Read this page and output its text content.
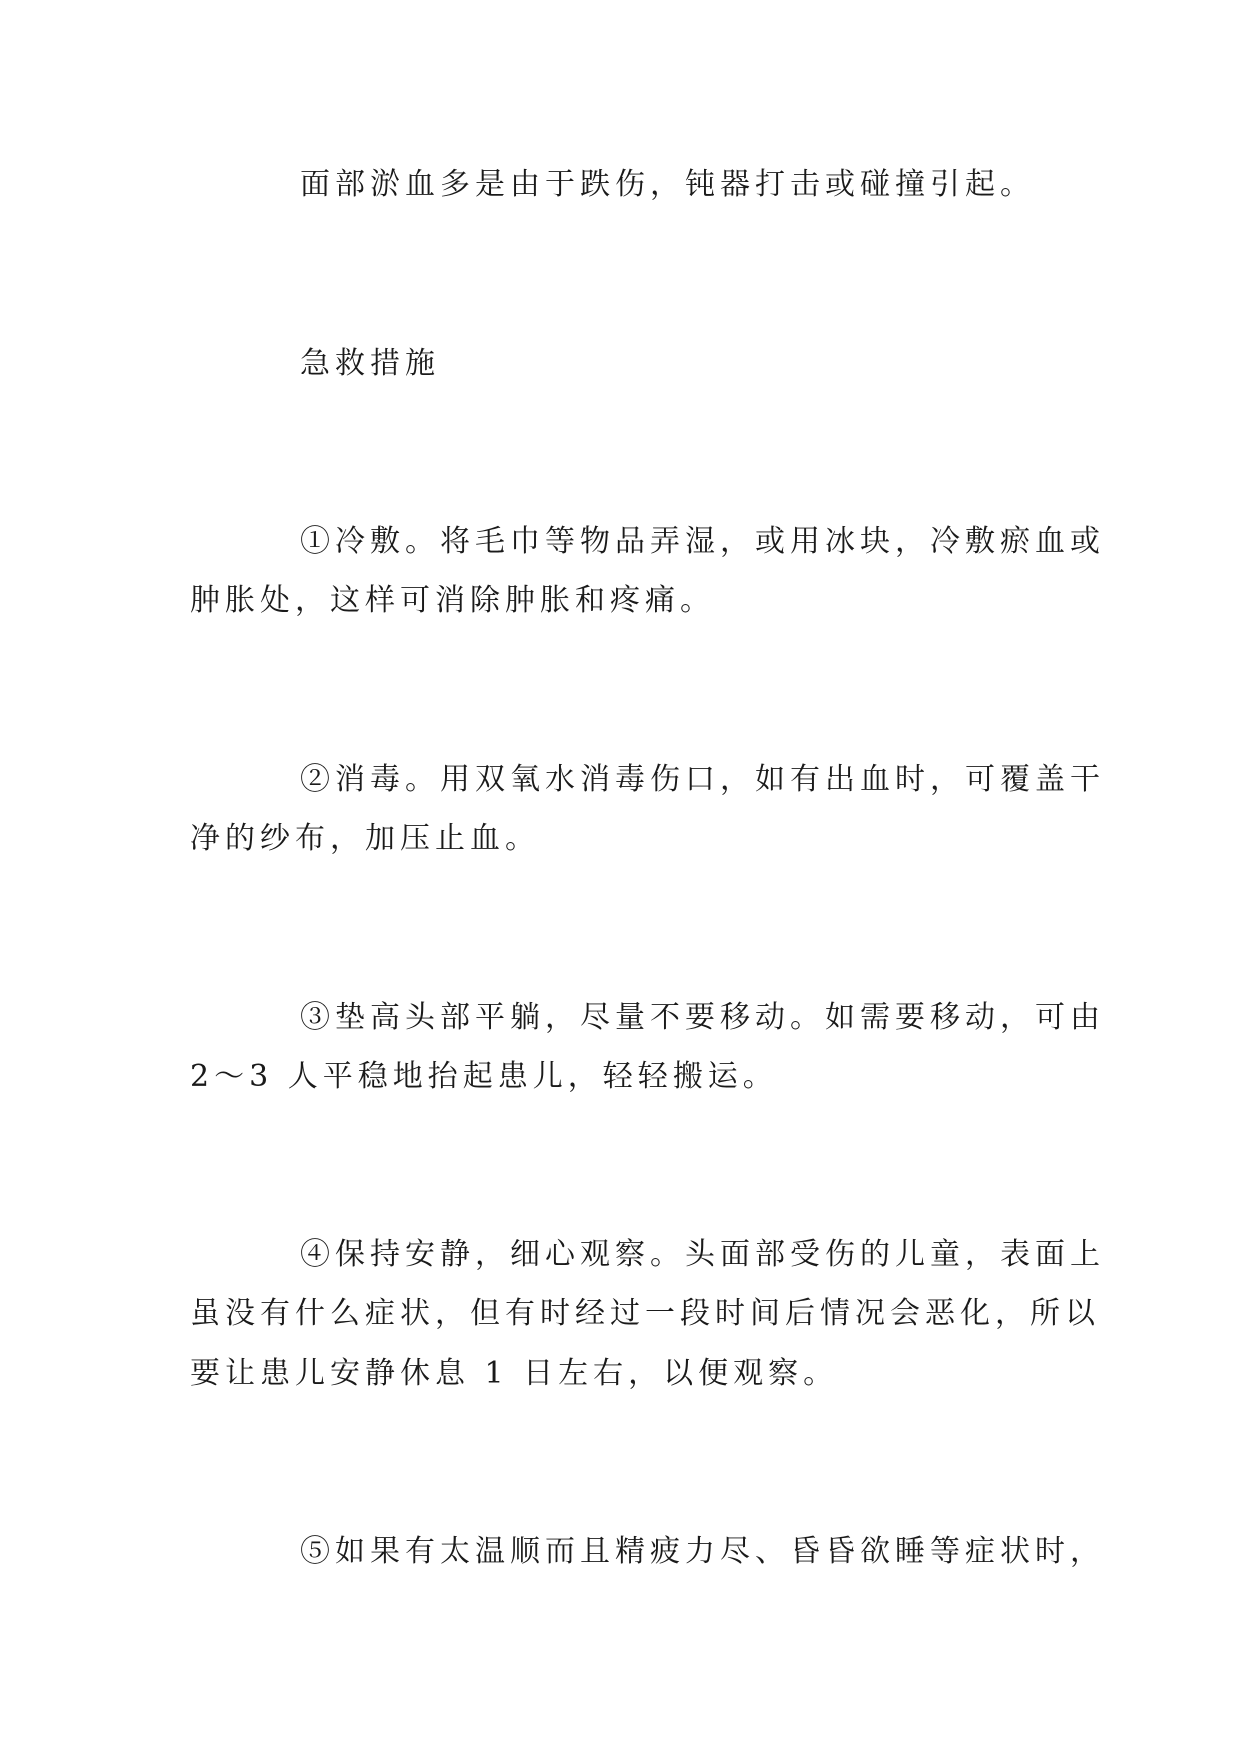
面部淤血多是由于跌伤，钝器打击或碰撞引起。

急救措施

①冷敷。将毛巾等物品弄湿，或用冰块，冷敷瘀血或

肿胀处，这样可消除肿胀和疼痛。

②消毒。用双氧水消毒伤口，如有出血时，可覆盖干

净的纱布，加压止血。

③垫高头部平躺，尽量不要移动。如需要移动，可由

2～3 人平稳地抬起患儿，轻轻搬运。

④保持安静，细心观察。头面部受伤的儿童，表面上

虽没有什么症状，但有时经过一段时间后情况会恶化，所以

要让患儿安静休息 1 日左右，以便观察。

⑤如果有太温顺而且精疲力尽、昏昏欲睡等症状时，
